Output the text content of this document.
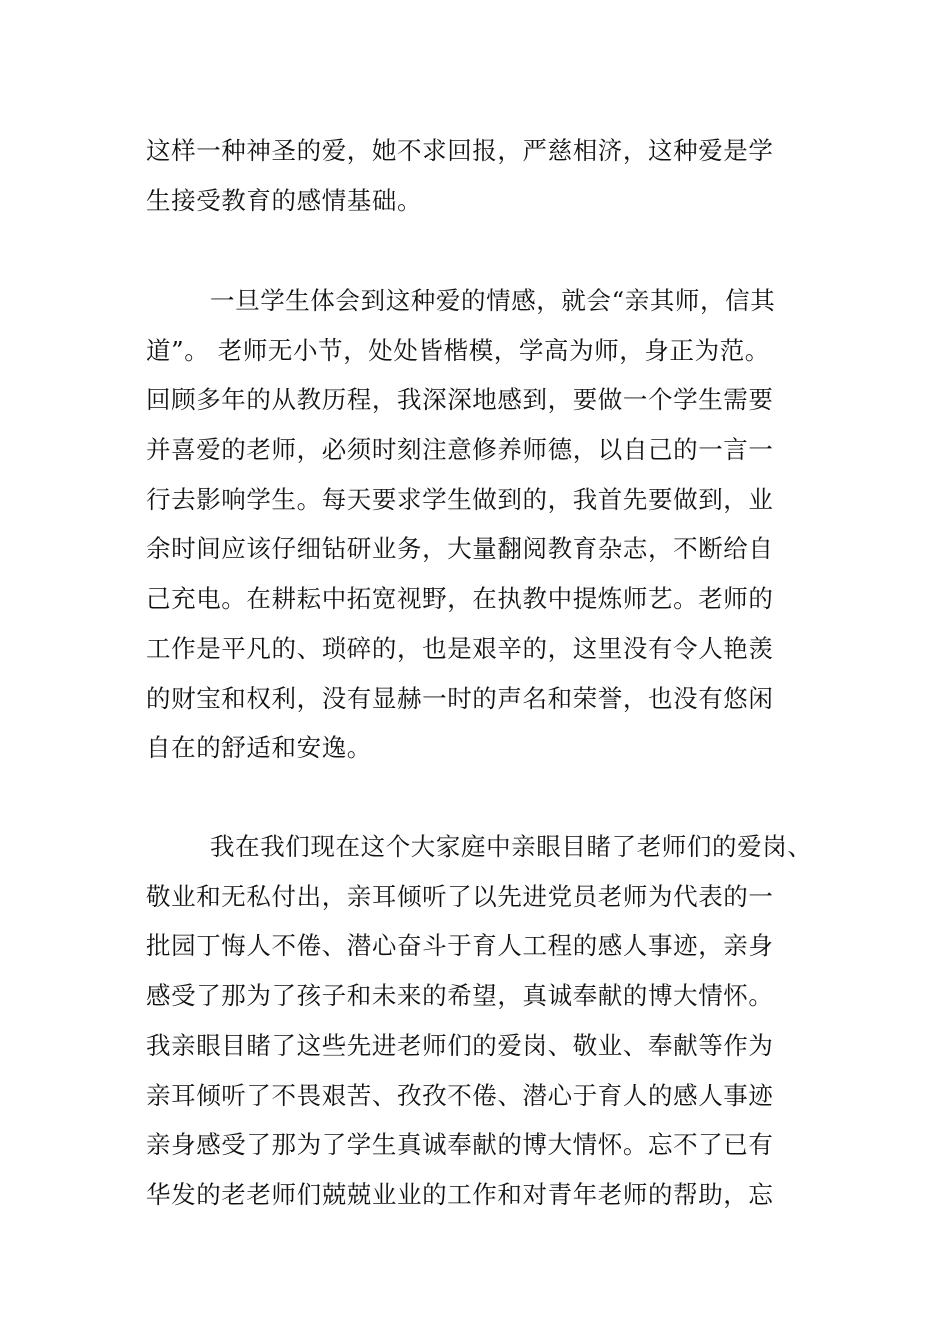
这样一种神圣的爱，她不求回报，严慈相济，这种爱是学
生接受教育的感情基础。
一旦学生体会到这种爱的情感，就会“亲其师，信其
道”。 老师无小节，处处皆楷模，学高为师，身正为范。
回顾多年的从教历程，我深深地感到，要做一个学生需要
并喜爱的老师，必须时刻注意修养师德，以自己的一言一
行去影响学生。每天要求学生做到的，我首先要做到，业
余时间应该仔细钻研业务，大量翻阅教育杂志，不断给自
己充电。在耕耘中拓宽视野，在执教中提炼师艺。老师的
工作是平凡的、琐碎的，也是艰辛的，这里没有令人艳羡
的财宝和权利，没有显赫一时的声名和荣誉，也没有悠闲
自在的舒适和安逸。
我在我们现在这个大家庭中亲眼目睹了老师们的爱岗、
敬业和无私付出，亲耳倾听了以先进党员老师为代表的一
批园丁悔人不倦、潜心奋斗于育人工程的感人事迹，亲身
感受了那为了孩子和未来的希望，真诚奉献的博大情怀。
我亲眼目睹了这些先进老师们的爱岗、敬业、奉献等作为
亲耳倾听了不畏艰苦、孜孜不倦、潜心于育人的感人事迹
亲身感受了那为了学生真诚奉献的博大情怀。忘不了已有
华发的老老师们兢兢业业的工作和对青年老师的帮助，忘
